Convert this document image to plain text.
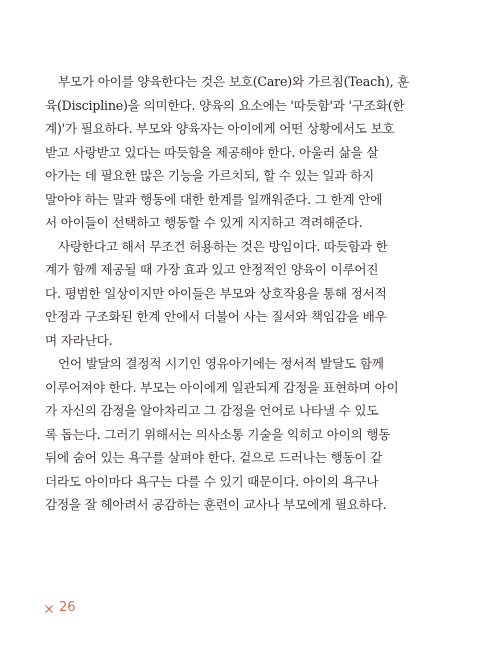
부모가 아이를 양육한다는 것은 보호(Care)와 가르침(Teach), 훈
육(Discipline)을 의미한다. 양육의 요소에는 '따듯함'과 '구조화(한
계)'가 필요하다. 부모와 양육자는 아이에게 어떤 상황에서도 보호
받고 사랑받고 있다는 따듯함을 제공해야 한다. 아울러 삶을 살
아가는 데 필요한 많은 기능을 가르치되, 할 수 있는 일과 하지
말아야 하는 말과 행동에 대한 한계를 일깨워준다. 그 한계 안에
서 아이들이 선택하고 행동할 수 있게 지지하고 격려해준다.
사랑한다고 해서 무조건 허용하는 것은 방임이다. 따듯함과 한
계가 함께 제공될 때 가장 효과 있고 안정적인 양육이 이루어진
다. 평범한 일상이지만 아이들은 부모와 상호작용을 통해 정서적
안정과 구조화된 한계 안에서 더불어 사는 질서와 책임감을 배우
며 자라난다.
언어 발달의 결정적 시기인 영유아기에는 정서적 발달도 함께
이루어져야 한다. 부모는 아이에게 일관되게 감정을 표현하며 아이
가 자신의 감정을 알아차리고 그 감정을 언어로 나타낼 수 있도
록 돕는다. 그러기 위해서는 의사소통 기술을 익히고 아이의 행동
뒤에 숨어 있는 욕구를 살펴야 한다. 겉으로 드러나는 행동이 같
더라도 아이마다 욕구는 다를 수 있기 때문이다. 아이의 욕구나
감정을 잘 헤아려서 공감하는 훈련이 교사나 부모에게 필요하다.
26
